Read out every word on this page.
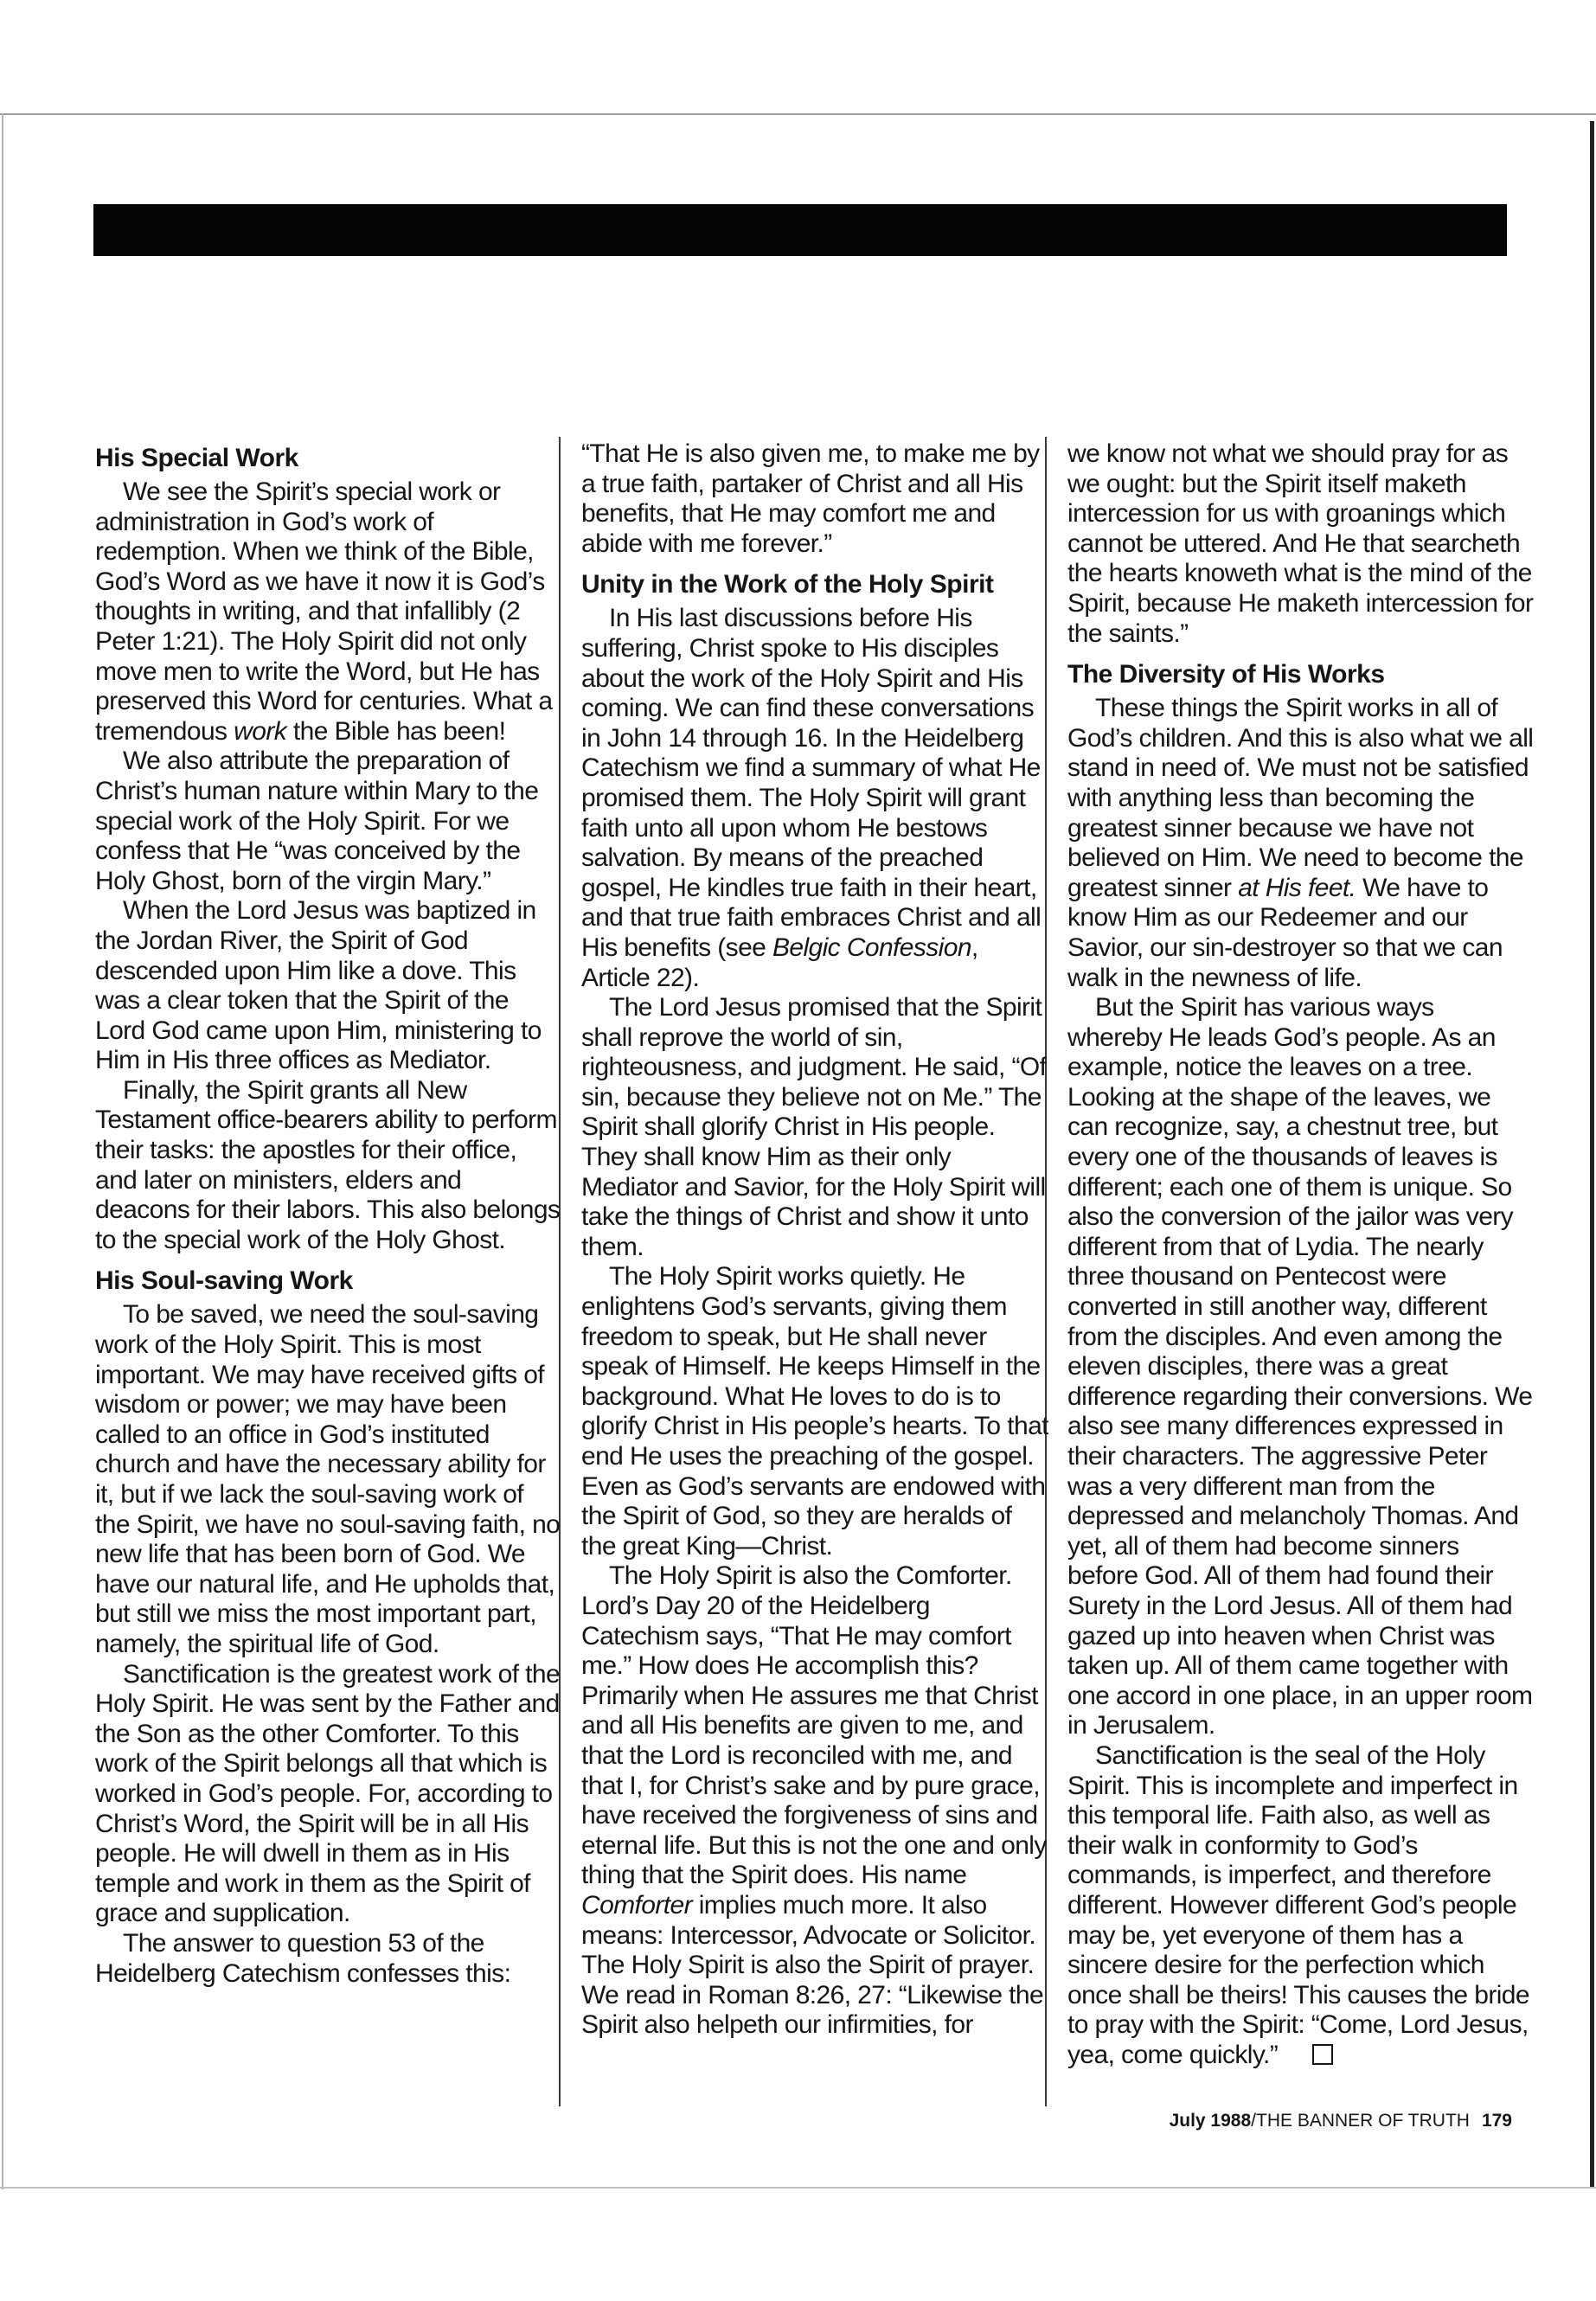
His Special Work

We see the Spirit’s special work or administration in God’s work of redemption. When we think of the Bible, God’s Word as we have it now it is God’s thoughts in writing, and that infallibly (2 Peter 1:21). The Holy Spirit did not only move men to write the Word, but He has preserved this Word for centuries. What a tremendous work the Bible has been!

We also attribute the preparation of Christ’s human nature within Mary to the special work of the Holy Spirit. For we confess that He “was conceived by the Holy Ghost, born of the virgin Mary.”

When the Lord Jesus was baptized in the Jordan River, the Spirit of God descended upon Him like a dove. This was a clear token that the Spirit of the Lord God came upon Him, ministering to Him in His three offices as Mediator.

Finally, the Spirit grants all New Testament office-bearers ability to perform their tasks: the apostles for their office, and later on ministers, elders and deacons for their labors. This also belongs to the special work of the Holy Ghost.

His Soul-saving Work

To be saved, we need the soul-saving work of the Holy Spirit. This is most important. We may have received gifts of wisdom or power; we may have been called to an office in God’s instituted church and have the necessary ability for it, but if we lack the soul-saving work of the Spirit, we have no soul-saving faith, no new life that has been born of God. We have our natural life, and He upholds that, but still we miss the most important part, namely, the spiritual life of God.

Sanctification is the greatest work of the Holy Spirit. He was sent by the Father and the Son as the other Comforter. To this work of the Spirit belongs all that which is worked in God’s people. For, according to Christ’s Word, the Spirit will be in all His people. He will dwell in them as in His temple and work in them as the Spirit of grace and supplication.

The answer to question 53 of the Heidelberg Catechism confesses this:

“That He is also given me, to make me by a true faith, partaker of Christ and all His benefits, that He may comfort me and abide with me forever.”

Unity in the Work of the Holy Spirit

In His last discussions before His suffering, Christ spoke to His disciples about the work of the Holy Spirit and His coming. We can find these conversations in John 14 through 16. In the Heidelberg Catechism we find a summary of what He promised them. The Holy Spirit will grant faith unto all upon whom He bestows salvation. By means of the preached gospel, He kindles true faith in their heart, and that true faith embraces Christ and all His benefits (see Belgic Confession, Article 22).

The Lord Jesus promised that the Spirit shall reprove the world of sin, righteousness, and judgment. He said, “Of sin, because they believe not on Me.” The Spirit shall glorify Christ in His people. They shall know Him as their only Mediator and Savior, for the Holy Spirit will take the things of Christ and show it unto them.

The Holy Spirit works quietly. He enlightens God’s servants, giving them freedom to speak, but He shall never speak of Himself. He keeps Himself in the background. What He loves to do is to glorify Christ in His people’s hearts. To that end He uses the preaching of the gospel. Even as God’s servants are endowed with the Spirit of God, so they are heralds of the great King—Christ.

The Holy Spirit is also the Comforter. Lord’s Day 20 of the Heidelberg Catechism says, “That He may comfort me.” How does He accomplish this? Primarily when He assures me that Christ and all His benefits are given to me, and that the Lord is reconciled with me, and that I, for Christ’s sake and by pure grace, have received the forgiveness of sins and eternal life. But this is not the one and only thing that the Spirit does. His name Comforter implies much more. It also means: Intercessor, Advocate or Solicitor. The Holy Spirit is also the Spirit of prayer. We read in Roman 8:26, 27: “Likewise the Spirit also helpeth our infirmities, for

we know not what we should pray for as we ought: but the Spirit itself maketh intercession for us with groanings which cannot be uttered. And He that searcheth the hearts knoweth what is the mind of the Spirit, because He maketh intercession for the saints.”

The Diversity of His Works

These things the Spirit works in all of God’s children. And this is also what we all stand in need of. We must not be satisfied with anything less than becoming the greatest sinner because we have not believed on Him. We need to become the greatest sinner at His feet. We have to know Him as our Redeemer and our Savior, our sin-destroyer so that we can walk in the newness of life.

But the Spirit has various ways whereby He leads God’s people. As an example, notice the leaves on a tree. Looking at the shape of the leaves, we can recognize, say, a chestnut tree, but every one of the thousands of leaves is different; each one of them is unique. So also the conversion of the jailor was very different from that of Lydia. The nearly three thousand on Pentecost were converted in still another way, different from the disciples. And even among the eleven disciples, there was a great difference regarding their conversions. We also see many differences expressed in their characters. The aggressive Peter was a very different man from the depressed and melancholy Thomas. And yet, all of them had become sinners before God. All of them had found their Surety in the Lord Jesus. All of them had gazed up into heaven when Christ was taken up. All of them came together with one accord in one place, in an upper room in Jerusalem.

Sanctification is the seal of the Holy Spirit. This is incomplete and imperfect in this temporal life. Faith also, as well as their walk in conformity to God’s commands, is imperfect, and therefore different. However different God’s people may be, yet everyone of them has a sincere desire for the perfection which once shall be theirs! This causes the bride to pray with the Spirit: “Come, Lord Jesus, yea, come quickly.”

July 1988/THE BANNER OF TRUTH 179
